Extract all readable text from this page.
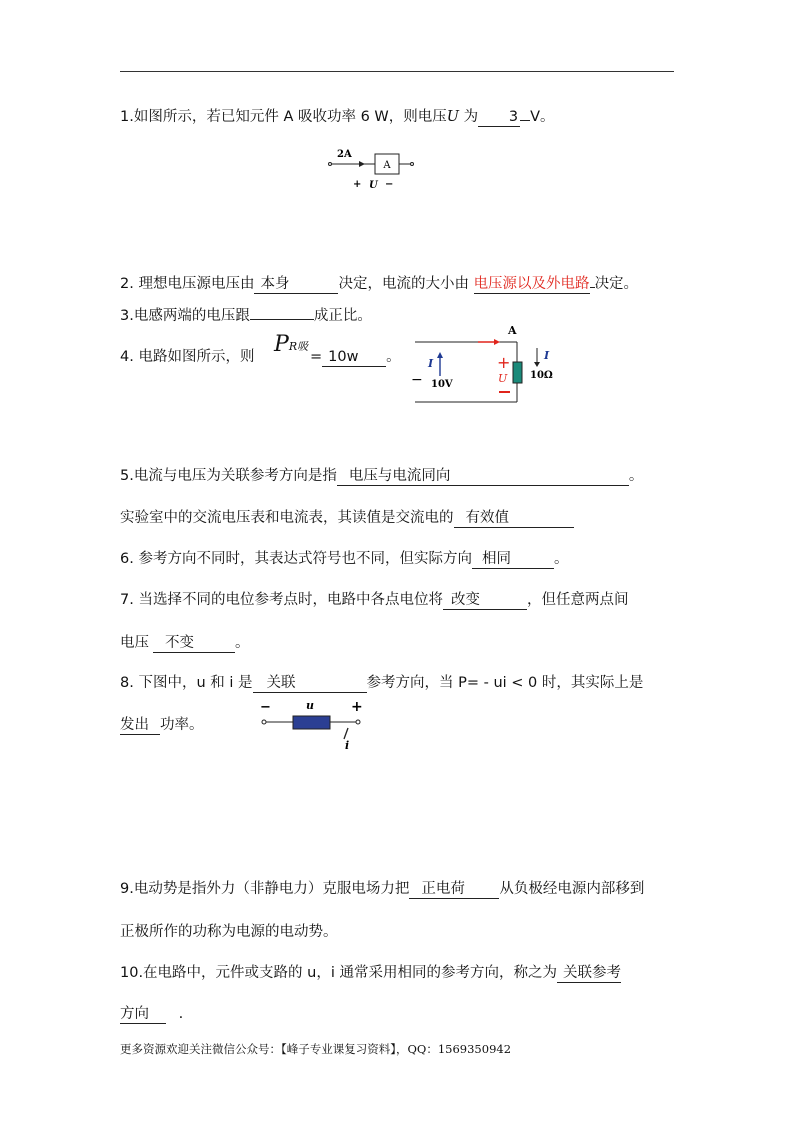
1.如图所示，若已知元件 A 吸收功率 6 W，则电压U 为 3 V。
2A
A
+ U −
2. 理想电压源电压由 本身	决定，电流的大小由 电压源以及外电路 决定。
3.电感两端的电压跟	成正比。
4. 电路如图所示，则 PR吸
= 10w 。
A
I
10V
−
+
U
I
10Ω
5.电流与电压为关联参考方向是指 电压与电流同向	。
实验室中的交流电压表和电流表，其读值是交流电的 有效值
6. 参考方向不同时，其表达式符号也不同，但实际方向 相同	。
7. 当选择不同的电位参考点时，电路中各点电位将 改变	，但任意两点间
电压 不变	。
8. 下图中，u 和 i 是 关联	参考方向，当 P= - ui < 0 时，其实际上是
发出 功率。
−	u	+
i
9.电动势是指外力（非静电力）克服电场力把 正电荷 从负极经电源内部移到
正极所作的功称为电源的电动势。
10.在电路中，元件或支路的 u，i 通常采用相同的参考方向，称之为 关联参考
方向 .
更多资源欢迎关注微信公众号：【峰子专业课复习资料】，QQ：1569350942
